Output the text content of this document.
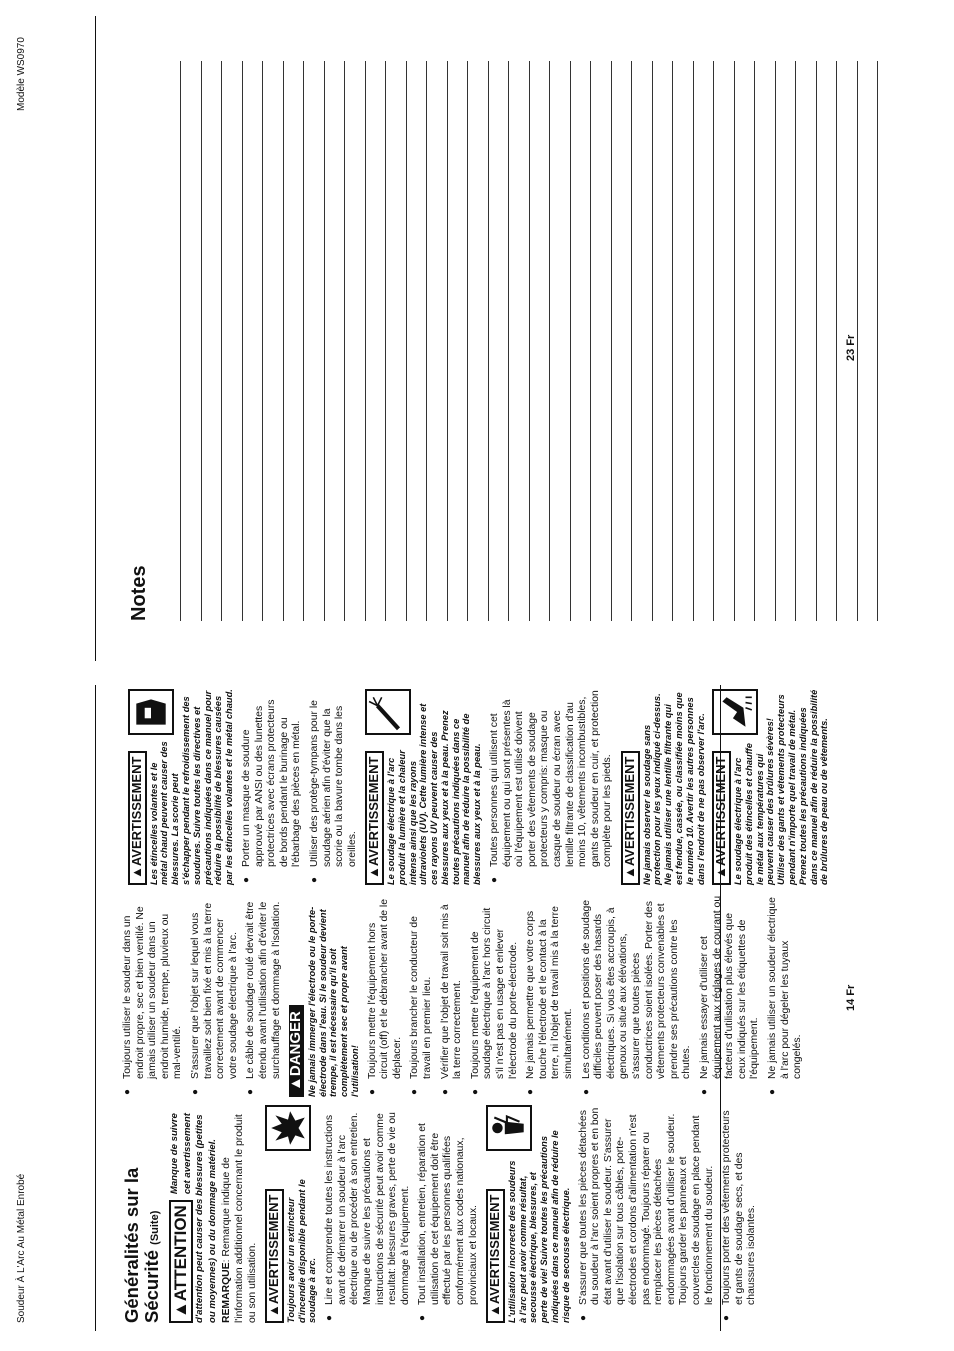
Soudeur À L'Arc Au Métal Enrobé
14 Fr
Généralités sur la Sécurité (Suite)
▲ATTENTION
Manque de suivre cet avertissement d'attention peut causer des blessures (petites ou moyennes) ou du dommage matériel. REMARQUE: Remarque indique de l'information additionnel concernant le produit ou son utilisation. ▲AVERTISSEMENT Toujours avoir un extincteur d'incendie disponible pendant le soudage à arc. ● Lire et comprendre toutes les instructions avant de démarrer un soudeur à l'arc électrique ou de procéder à son entretien. Manque de suivre les précautions et instructions de sécurité peut avoir comme resultat: blessures graves, perte de vie ou dommage à l'équipement. ● Tout installation, entretien, réparation et utilisation de cet équipement doit être effectué par les personnes qualifiées conformément aux codes nationaux, provinciaux et locaux.
▲AVERTISSEMENT L'utilisation incorrecte des soudeurs à l'arc peut avoir comme résultat, secousse électrique, blessures, et perte de vie! Suivre toutes les précautions indiquées dans ce manuel afin de réduire le risque de secousse électrique. ● S'assurer que toutes les pièces détachées du soudeur à l'arc soient propres et en bon état avant d'utiliser le soudeur. S'assurer que l'isolation sur tous câbles, porte-électrodes et cordons d'alimentation n'est pas endommagé. Toujours réparer ou remplacer les pièces détachées endommagées avant d'utiliser le soudeur. Toujours garder les panneaux et couvercles de soudage en place pendant le fonctionnement du soudeur. ● Toujours porter des vêtements protecteurs et gants de soudage secs, et des chaussures isolantes.
● Toujours utiliser le soudeur dans un endroit propre, sec et bien ventilé. Ne jamais utiliser un soudeur dans un endroit humide, trempe, pluvieux ou mal-ventilé. ● S'assurer que l'objet sur lequel vous travaillez soit bien fixé et mis à la terre correctement avant de commencer votre soudage électrique à l'arc. ● Le câble de soudage roulé devrait être étendu avant l'utilisation afin d'éviter le surchauffage et dommage à l'isolation.
▲DANGER Ne jamais immerger l'électrode ou le porte-électrode dans l'eau. Si le soudeur devient trempe, il est nécessaire qu'il soit complètement sec et propre avant l'utilisation! ● Toujours mettre l'équipement hors circuit (off) et le débrancher avant de le déplacer. ● Toujours brancher le conducteur de travail en premier lieu. ● Vérifier que l'objet de travail soit mis à la terre correctement. ● Toujours mettre l'équipement de soudage électrique à l'arc hors circuit s'il n'est pas en usage et enlever l'électrode du porte-électrode. ● Ne jamais permettre que votre corps touche l'électrode et le contact à la terre, ni l'objet de travail mis à la terre simultanément. ● Les conditions et positions de soudage difficiles peuvent poser des hasards électriques. Si vous êtes accroupis, à genoux ou situé aux élévations, s'assurer que toutes pièces conductrices soient isolées. Porter des vêtements protecteurs convenables et prendre ses précautions contre les chutes. ● Ne jamais essayer d'utiliser cet équipement aux réglages de courant ou facteurs d'utilisation plus élevés que ceux indiqués sur les étiquettes de l'équipement. ● Ne jamais utiliser un soudeur électrique à l'arc pour dégeler les tuyaux congelés.
▲AVERTISSEMENT Les étincelles volantes et le métal chaud peuvent causer des blessures. La scorie peut s'échapper pendant le refroidissement des soudures. Suivre toutes les directives et précautions indiquées dans ce manuel pour réduire la possibilité de blessures causées par les étincelles volantes et le métal chaud. ● Porter un masque de soudure approuvé par ANSI ou des lunettes protectrices avec écrans protecteurs de bords pendant le burinage ou l'ébarbage des pièces en métal. ● Utiliser des protège-tympans pour le soudage aérien afin d'éviter que la scorie ou la bavure tombe dans les oreilles.
▲AVERTISSEMENT Le soudage électrique à l'arc produit la lumière et la chaleur intense ainsi que les rayons ultraviolets (UV). Cette lumière intense et ces rayons UV peuvent causer des blessures aux yeux et à la peau. Prenez toutes précautions indiquées dans ce manuel afin de réduire la possibilité de blessures aux yeux et à la peau. ● Toutes personnes qui utilisent cet équipement ou qui sont présentes là où l'équipement est utilisé doivent porter des vêtements de soudage protecteurs y compris: masque ou casque de soudeur ou écran avec lentille filtrante de classification d'au moins 10, vêtements incombustibles, gants de soudeur en cuir, et protection complète pour les pieds.
▲AVERTISSEMENT Ne jamais observer le soudage sans protection pour les yeux indiqué ci-dessus. Ne jamais utiliser une lentille filtrante qui est fendue, cassée, ou classifiée moins que le numéro 10. Avertir les autres personnes dans l'endroit de ne pas observer l'arc. ▲AVERTISSEMENT Le soudage électrique à l'arc produit des étincelles et chauffe le métal aux températures qui peuvent causer des brûlures sévères! Utiliser des gants et vêtements protecteurs pendant n'importe quel travail de métal. Prenez toutes les précautions indiquées dans ce manuel afin de réduire la possibilité de brûlures de peau ou de vêtements.
Modèle WS0970
Notes
23 Fr
